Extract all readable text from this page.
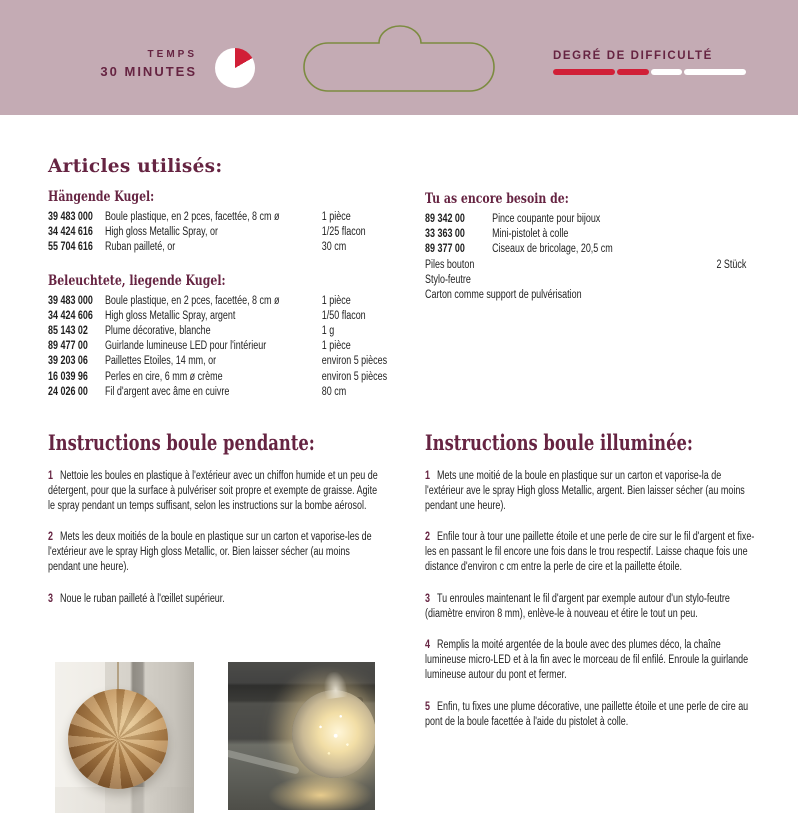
TEMPS
30 MINUTES
DEGRÉ DE DIFFICULTÉ
Articles utilisés:
Hängende Kugel:
39 483 000	Boule plastique, en 2 pces, facettée, 8 cm ø	1 pièce
34 424 616	High gloss Metallic Spray, or	1/25 flacon
55 704 616	Ruban pailleté, or	30 cm
Beleuchtete, liegende Kugel:
39 483 000	Boule plastique, en 2 pces, facettée, 8 cm ø	1 pièce
34 424 606	High gloss Metallic Spray, argent	1/50 flacon
85 143 02	Plume décorative, blanche	1 g
89 477 00	Guirlande lumineuse LED pour l'intérieur	1 pièce
39 203 06	Paillettes Etoiles, 14 mm, or	environ 5 pièces
16 039 96	Perles en cire, 6 mm ø crème	environ 5 pièces
24 026 00	Fil d'argent avec âme en cuivre	80 cm
Tu as encore besoin de:
89 342 00	Pince coupante pour bijoux
33 363 00	Mini-pistolet à colle
89 377 00	Ciseaux de bricolage, 20,5 cm
Piles bouton	2 Stück
Stylo-feutre
Carton comme support de pulvérisation
Instructions boule pendante:

1 Nettoie les boules en plastique à l'extérieur avec un chiffon humide et un peu de détergent, pour que la surface à pulvériser soit propre et exempte de graisse. Agite le spray pendant un temps suffisant, selon les instructions sur la bombe aérosol.

2 Mets les deux moitiés de la boule en plastique sur un carton et vaporise-les de l'extérieur ave le spray High gloss Metallic, or. Bien laisser sécher (au moins pendant une heure).

3 Noue le ruban pailleté à l'œillet supérieur.

Instructions boule illuminée:

1 Mets une moitié de la boule en plastique sur un carton et vaporise-la de l'extérieur ave le spray High gloss Metallic, argent. Bien laisser sécher (au moins pendant une heure).

2 Enfile tour à tour une paillette étoile et une perle de cire sur le fil d'argent et fixe-les en passant le fil encore une fois dans le trou respectif. Laisse chaque fois une distance d'environ c cm entre la perle de cire et la paillette étoile.

3 Tu enroules maintenant le fil d'argent par exemple autour d'un stylo-feutre (diamètre environ 8 mm), enlève-le à nouveau et étire le tout un peu.

4 Remplis la moité argentée de la boule avec des plumes déco, la chaîne lumineuse micro-LED et à la fin avec le morceau de fil enfilé. Enroule la guirlande lumineuse autour du pont et fermer.

5 Enfin, tu fixes une plume décorative, une paillette étoile et une perle de cire au pont de la boule facettée à l'aide du pistolet à colle.
